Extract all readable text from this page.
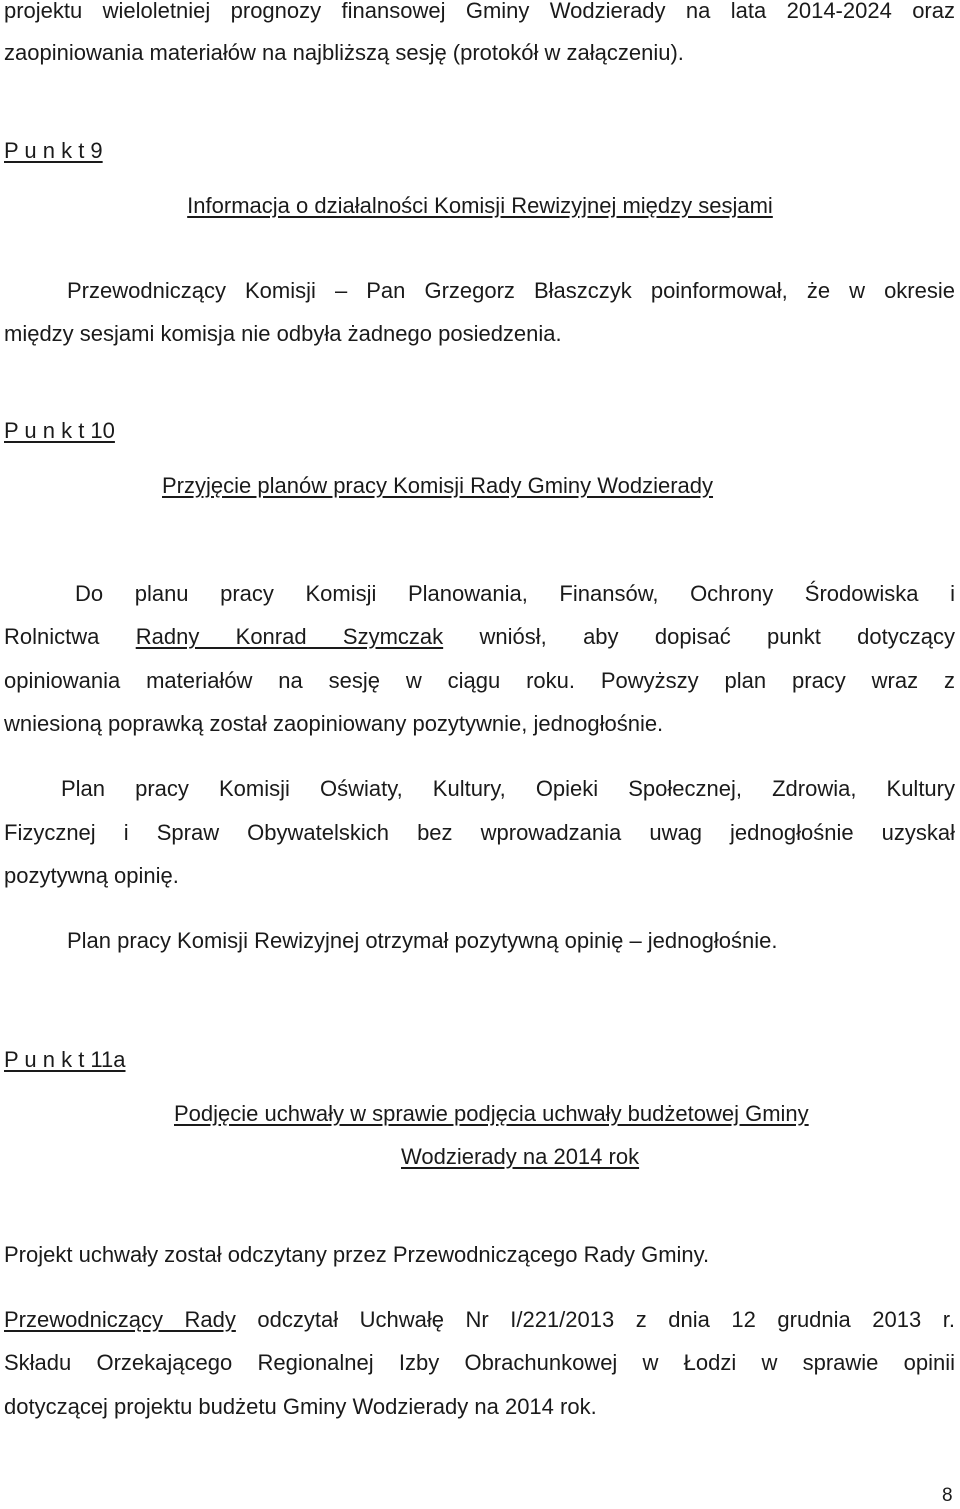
projektu wieloletniej prognozy finansowej Gminy Wodzierady na lata 2014-2024 oraz

zaopiniowania materiałów na najbliższą sesję (protokół w załączeniu).

P u n k t 9

Informacja o działalności Komisji Rewizyjnej między sesjami

Przewodniczący Komisji – Pan Grzegorz Błaszczyk poinformował, że w okresie

między sesjami komisja nie odbyła żadnego posiedzenia.

P u n k t 10

Przyjęcie planów pracy Komisji Rady Gminy Wodzierady

Do planu pracy Komisji Planowania, Finansów, Ochrony Środowiska i

Rolnictwa Radny Konrad Szymczak wniósł, aby dopisać punkt dotyczący

opiniowania materiałów na sesję w ciągu roku. Powyższy plan pracy wraz z

wniesioną poprawką został zaopiniowany pozytywnie, jednogłośnie.

Plan pracy Komisji Oświaty, Kultury, Opieki Społecznej, Zdrowia, Kultury

Fizycznej i Spraw Obywatelskich bez wprowadzania uwag jednogłośnie uzyskał

pozytywną opinię.

Plan pracy Komisji Rewizyjnej otrzymał pozytywną opinię – jednogłośnie.

P u n k t 11a

Podjęcie uchwały w sprawie podjęcia uchwały budżetowej Gminy

Wodzierady na 2014 rok

Projekt uchwały został odczytany przez Przewodniczącego Rady Gminy.

Przewodniczący Rady odczytał Uchwałę Nr I/221/2013 z dnia 12 grudnia 2013 r.

Składu Orzekającego Regionalnej Izby Obrachunkowej w Łodzi w sprawie opinii

dotyczącej projektu budżetu Gminy Wodzierady na 2014 rok.

8
